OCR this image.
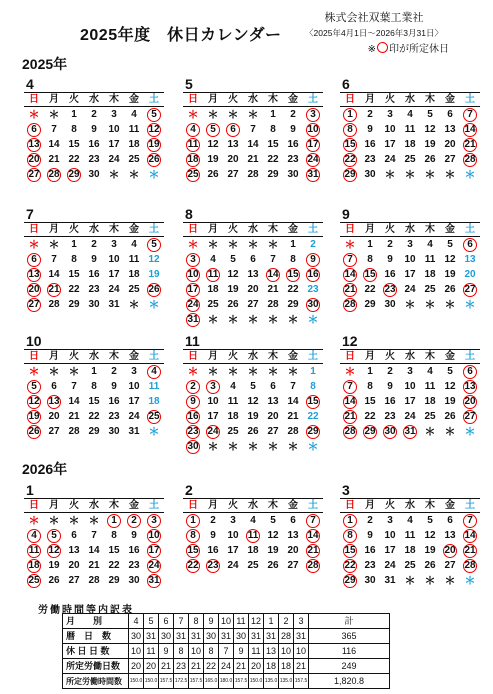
2025年度　休日カレンダー
株式会社双葉工業社
〈2025年4月1日～2026年3月31日〉
※ 印が所定休日
2025年
2026年
4
日	月	火	水	木	金	土
＊	＊	1	2	3	4	5
6	7	8	9	10	11	12
13	14	15	16	17	18	19
20	21	22	23	24	25	26
27	28	29	30	＊	＊	＊
5
日	月	火	水	木	金	土
＊	＊	＊	＊	1	2	3
4	5	6	7	8	9	10
11	12	13	14	15	16	17
18	19	20	21	22	23	24
25	26	27	28	29	30	31
6
日	月	火	水	木	金	土
1	2	3	4	5	6	7
8	9	10	11	12	13	14
15	16	17	18	19	20	21
22	23	24	25	26	27	28
29	30	＊	＊	＊	＊	＊
7
日	月	火	水	木	金	土
＊	＊	1	2	3	4	5
6	7	8	9	10	11	12
13	14	15	16	17	18	19
20	21	22	23	24	25	26
27	28	29	30	31	＊	＊
8
日	月	火	水	木	金	土
＊	＊	＊	＊	＊	1	2
3	4	5	6	7	8	9
10	11	12	13	14	15	16
17	18	19	20	21	22	23
24	25	26	27	28	29	30
31	＊	＊	＊	＊	＊	＊
9
日	月	火	水	木	金	土
＊	1	2	3	4	5	6
7	8	9	10	11	12	13
14	15	16	17	18	19	20
21	22	23	24	25	26	27
28	29	30	＊	＊	＊	＊
10
日	月	火	水	木	金	土
＊	＊	＊	1	2	3	4
5	6	7	8	9	10	11
12	13	14	15	16	17	18
19	20	21	22	23	24	25
26	27	28	29	30	31	＊
11
日	月	火	水	木	金	土
＊	＊	＊	＊	＊	＊	1
2	3	4	5	6	7	8
9	10	11	12	13	14	15
16	17	18	19	20	21	22
23	24	25	26	27	28	29
30	＊	＊	＊	＊	＊	＊
12
日	月	火	水	木	金	土
＊	1	2	3	4	5	6
7	8	9	10	11	12	13
14	15	16	17	18	19	20
21	22	23	24	25	26	27
28	29	30	31	＊	＊	＊
1
日	月	火	水	木	金	土
＊	＊	＊	＊	1	2	3
4	5	6	7	8	9	10
11	12	13	14	15	16	17
18	19	20	21	22	23	24
25	26	27	28	29	30	31
2
日	月	火	水	木	金	土
1	2	3	4	5	6	7
8	9	10	11	12	13	14
15	16	17	18	19	20	21
22	23	24	25	26	27	28
3
日	月	火	水	木	金	土
1	2	3	4	5	6	7
8	9	10	11	12	13	14
15	16	17	18	19	20	21
22	23	24	25	26	27	28
29	30	31	＊	＊	＊	＊
労働時間等内訳表
月　　別	4	5	6	7	8	9	10	11	12	1	2	3	計
暦　日　数	30	31	30	31	31	30	31	30	31	31	28	31	365
休 日 日 数	10	11	9	8	10	8	7	9	11	13	10	10	116
所定労働日数	20	20	21	23	21	22	24	21	20	18	18	21	249
所定労働時間数	150.0	150.0	157.5	172.5	157.5	165.0	180.0	157.5	150.0	135.0	135.0	157.5	1,820.8
